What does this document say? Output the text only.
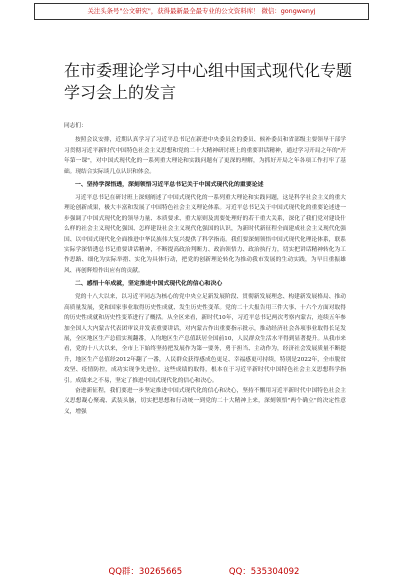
关注头条号"公文研究"，获得最新最全最专业的公文资料库！ 微信：gongwenyj
在市委理论学习中心组中国式现代化专题学习会上的发言

同志们：

按照会议安排，近期认真学习了习近平总书记在新进中央委员会的委员、候补委员和省部级主要领导干部学习贯彻习近平新时代中国特色社会主义思想和党的二十大精神研讨班上的重要讲话精神，通过学习开局之年的"开年第一课"，对中国式现代化的一系列重大理论和实践问题有了更深的理解，为抓好开局之年各项工作打牢了基础。现结合实际谈几点认识和体会。

一、坚持学深悟透，深刻领悟习近平总书记关于中国式现代化的重要论述

习近平总书记在研讨班上深刻阐述了中国式现代化的一系列重大理论和实践问题，这是科学社会主义的重大理论创新成果，极大丰富和发展了中国特色社会主义理论体系。习近平总书记关于中国式现代化的重要论述进一步强调了中国式现代化的领导力量、本质要求、重大原则及需要处理好的若干重大关系，深化了我们党对建设什么样的社会主义现代化强国、怎样建设社会主义现代化强国的认识，为新时代新征程全面建成社会主义现代化强国、以中国式现代化全面推进中华民族伟大复兴提供了科学指南。我们要深刻领悟中国式现代化理论体系，联系实际学深悟透总书记重要讲话精神，不断提高政治判断力、政治领悟力、政治执行力，切实把讲话精神转化为工作思路、细化为实际举措、实化为具体行动，把党的创新理论转化为推动我市发展的生动实践，为早日重振雄风、再创辉煌作出应有的贡献。

二、感悟十年成就，坚定推进中国式现代化的信心和决心

党的十八大以来，以习近平同志为核心的党中央立足新发展阶段、贯彻新发展理念、构建新发展格局、推动高质量发展，党和国家事业取得历史性成就、发生历史性变革。党的二十大报告用三件大事、十六个方面对取得的历史性成就和历史性变革进行了概括。从全区来看，新时代10年，习近平总书记两次考察内蒙古，连续五年参加全国人大内蒙古代表团审议并发表重要讲话，对内蒙古作出重要指示批示，推动经济社会各项事业取得长足发展，全区地区生产总值实现翻番，人均地区生产总值跃居全国前10，人民群众生活水平得到显著提升。从我市来看，党的十八大以来，全市上下始终坚持把发展作为第一要务，勇于担当、主动作为，经济社会发展质量不断提升，地区生产总值经2012年翻了一番，人民群众获得感成色更足、幸福感更可持续，特别是2022年，全市脱贫攻坚、疫情防控，成功实现争先进位，这些成绩的取得，根本在于习近平新时代中国特色社会主义思想科学指引。成绩来之不易，坚定了推进中国式现代化的信心和决心。

奋进新征程，我们要进一步坚定推进中国式现代化的信心和决心，坚持不懈用习近平新时代中国特色社会主义思想凝心聚魂、武装头脑，切实把思想和行动统一到党的二十大精神上来，深刻领悟"两个确立"的决定性意义，增强

QQ群：30265665	QQ：535304092
